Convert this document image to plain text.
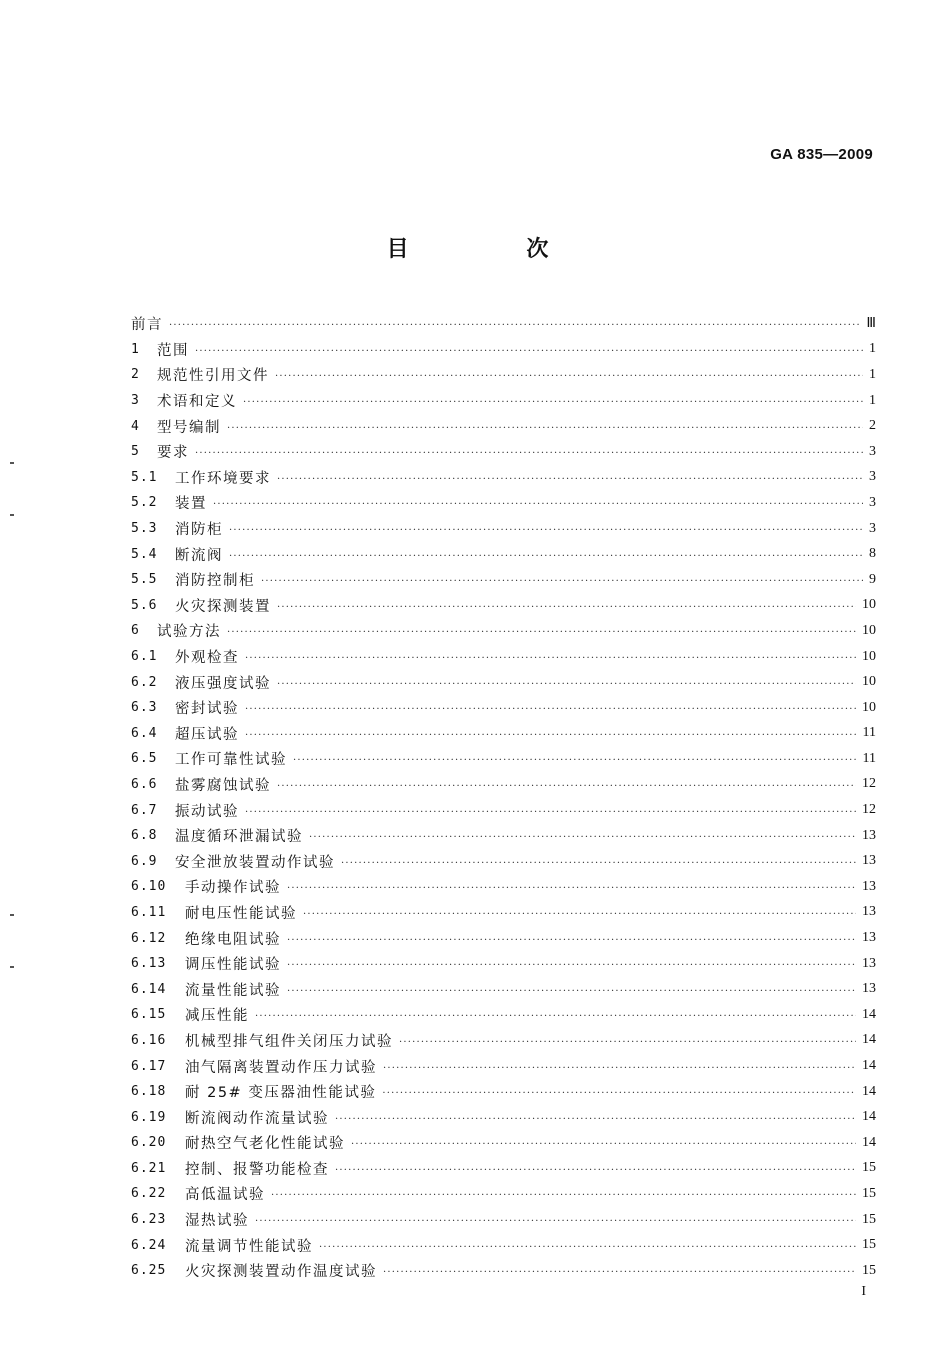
GA 835—2009
目 次
前言 ·····	Ⅲ
1	范围 ·····	1
2	规范性引用文件 ·····	1
3	术语和定义 ·····	1
4	型号编制 ·····	2
5	要求 ·····	3
5.1	工作环境要求 ·····	3
5.2	装置 ·····	3
5.3	消防柜 ·····	3
5.4	断流阀 ·····	8
5.5	消防控制柜 ·····	9
5.6	火灾探测装置 ·····	10
6	试验方法 ·····	10
6.1	外观检查 ·····	10
6.2	液压强度试验 ·····	10
6.3	密封试验 ·····	10
6.4	超压试验 ·····	11
6.5	工作可靠性试验 ·····	11
6.6	盐雾腐蚀试验 ·····	12
6.7	振动试验 ·····	12
6.8	温度循环泄漏试验 ·····	13
6.9	安全泄放装置动作试验 ·····	13
6.10	手动操作试验 ·····	13
6.11	耐电压性能试验 ·····	13
6.12	绝缘电阻试验 ·····	13
6.13	调压性能试验 ·····	13
6.14	流量性能试验 ·····	13
6.15	减压性能 ·····	14
6.16	机械型排气组件关闭压力试验 ·····	14
6.17	油气隔离装置动作压力试验 ·····	14
6.18	耐 25# 变压器油性能试验 ·····	14
6.19	断流阀动作流量试验 ·····	14
6.20	耐热空气老化性能试验 ·····	14
6.21	控制、报警功能检查 ·····	15
6.22	高低温试验 ·····	15
6.23	湿热试验 ·····	15
6.24	流量调节性能试验 ·····	15
6.25	火灾探测装置动作温度试验 ·····	15
I
